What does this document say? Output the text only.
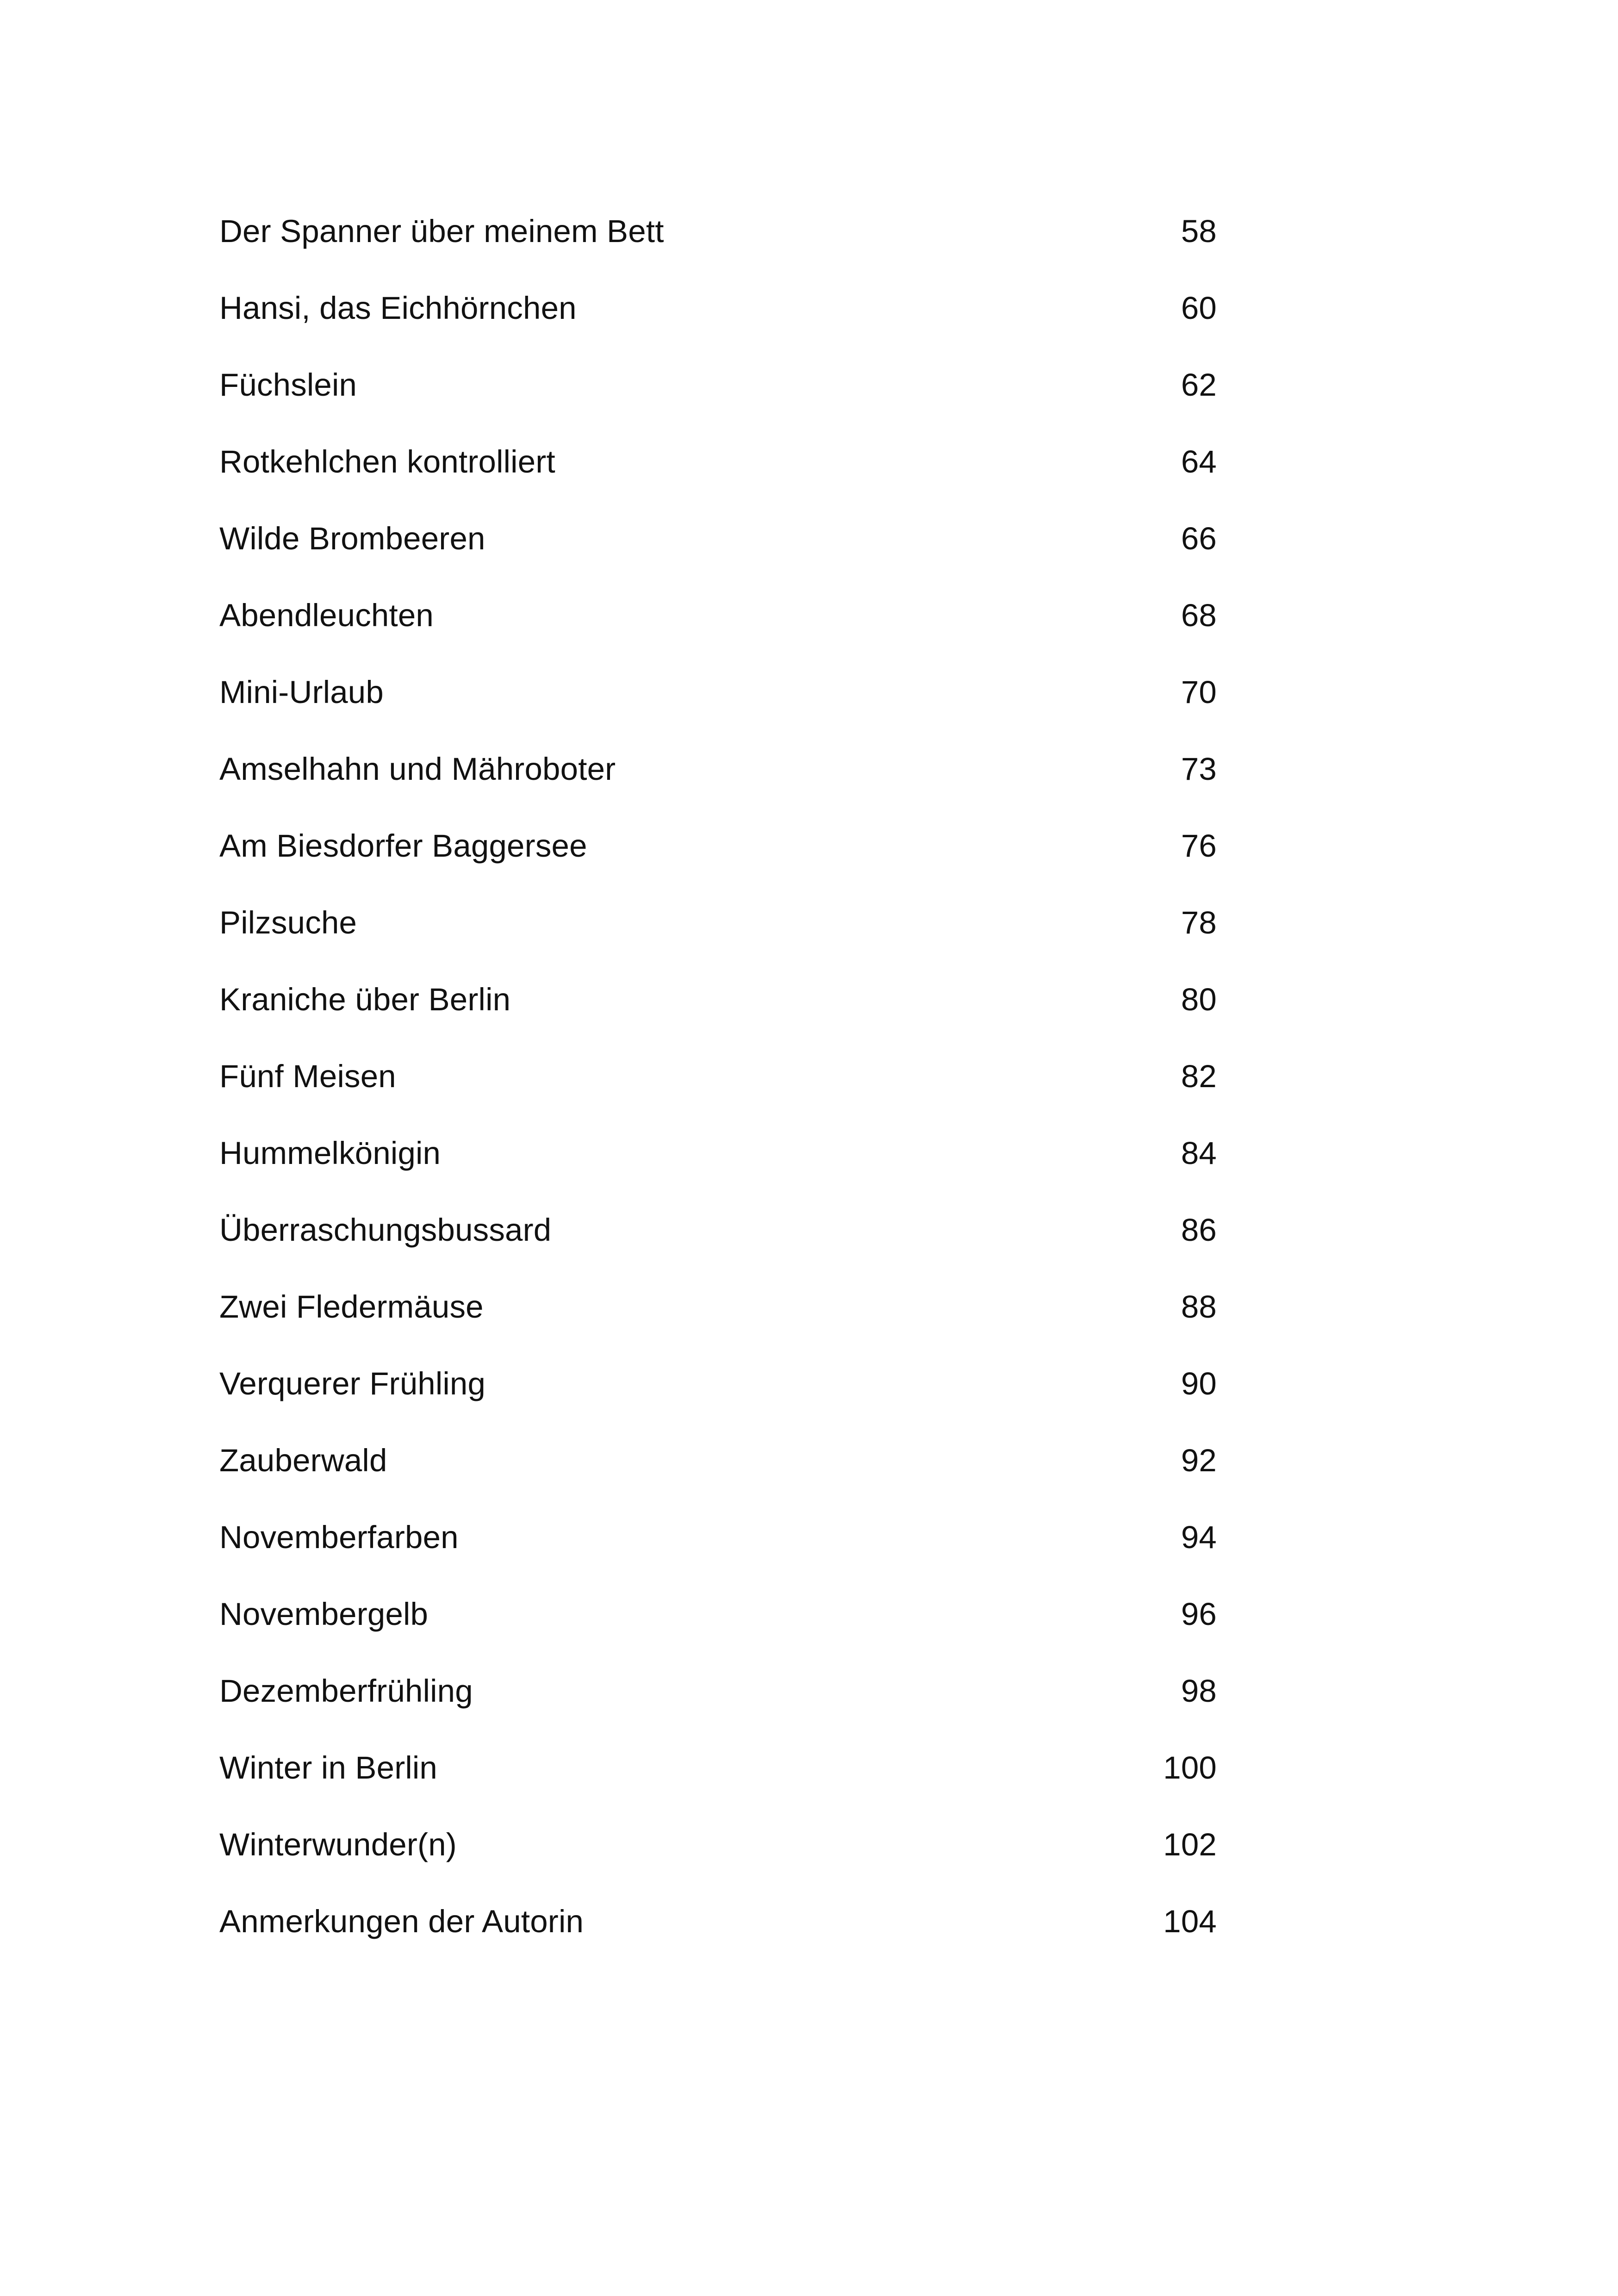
Der Spanner über meinem Bett	58
Hansi, das Eichhörnchen	60
Füchslein	62
Rotkehlchen kontrolliert	64
Wilde Brombeeren	66
Abendleuchten	68
Mini-Urlaub	70
Amselhahn und Mähroboter	73
Am Biesdorfer Baggersee	76
Pilzsuche	78
Kraniche über Berlin	80
Fünf Meisen	82
Hummelkönigin	84
Überraschungsbussard	86
Zwei Fledermäuse	88
Verquerer Frühling	90
Zauberwald	92
Novemberfarben	94
Novembergelb	96
Dezemberfrühling	98
Winter in Berlin	100
Winterwunder(n)	102
Anmerkungen der Autorin	104
